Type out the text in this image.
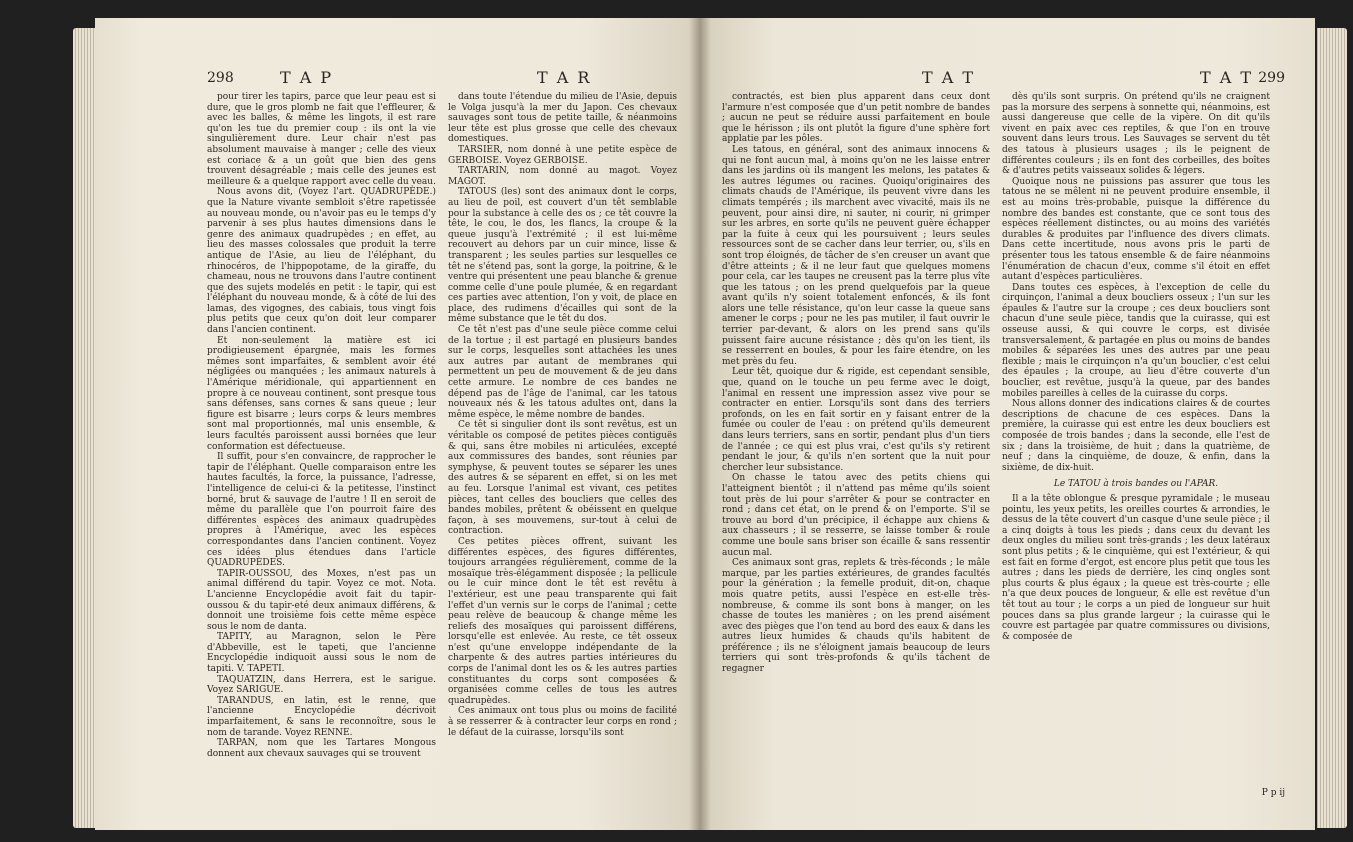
298	T A P	T A R

pour tirer les tapirs, parce que leur peau est si dure, que le gros plomb ne fait que l'effleurer, & avec les balles, & même les lingots, il est rare qu'on les tue du premier coup : ils ont la vie singulièrement dure. Leur chair n'est pas absolument mauvaise à manger ; celle des vieux est coriace & a un goût que bien des gens trouvent désagréable ; mais celle des jeunes est meilleure & a quelque rapport avec celle du veau.

Nous avons dit, (Voyez l'art. QUADRUPÈDE.) que la Nature vivante sembloit s'être rapetissée au nouveau monde, ou n'avoir pas eu le temps d'y parvenir à ses plus hautes dimensions dans le genre des animaux quadrupèdes ; en effet, au lieu des masses colossales que produit la terre antique de l'Asie, au lieu de l'éléphant, du rhinocéros, de l'hippopotame, de la giraffe, du chameau, nous ne trouvons dans l'autre continent que des sujets modelés en petit : le tapir, qui est l'éléphant du nouveau monde, & à côté de lui des lamas, des vigognes, des cabiais, tous vingt fois plus petits que ceux qu'on doit leur comparer dans l'ancien continent.

Et non-seulement la matière est ici prodigieusement épargnée, mais les formes mêmes sont imparfaites, & semblent avoir été négligées ou manquées ; les animaux naturels à l'Amérique méridionale, qui appartiennent en propre à ce nouveau continent, sont presque tous sans défenses, sans cornes & sans queue ; leur figure est bisarre ; leurs corps & leurs membres sont mal proportionnés, mal unis ensemble, & leurs facultés paroissent aussi bornées que leur conformation est défectueuse.

Il suffit, pour s'en convaincre, de rapprocher le tapir de l'éléphant. Quelle comparaison entre les hautes facultés, la force, la puissance, l'adresse, l'intelligence de celui-ci & la petitesse, l'instinct borné, brut & sauvage de l'autre ! Il en seroit de même du parallèle que l'on pourroit faire des différentes espèces des animaux quadrupèdes propres à l'Amérique, avec les espèces correspondantes dans l'ancien continent. Voyez ces idées plus étendues dans l'article QUADRUPÈDES.

TAPIR-OUSSOU, des Moxes, n'est pas un animal différend du tapir. Voyez ce mot. Nota. L'ancienne Encyclopédie avoit fait du tapir-oussou & du tapir-eté deux animaux différens, & donnoit une troisième fois cette même espèce sous le nom de danta.

TAPITY, au Maragnon, selon le Père d'Abbeville, est le tapeti, que l'ancienne Encyclopédie indiquoit aussi sous le nom de tapiti. V. TAPETI.

TAQUATZIN, dans Herrera, est le sarigue. Voyez SARIGUE.

TARANDUS, en latin, est le renne, que l'ancienne Encyclopédie décrivoit imparfaitement, & sans le reconnoître, sous le nom de tarande. Voyez RENNE.

TARPAN, nom que les Tartares Mongous donnent aux chevaux sauvages qui se trouvent

dans toute l'étendue du milieu de l'Asie, depuis le Volga jusqu'à la mer du Japon. Ces chevaux sauvages sont tous de petite taille, & néanmoins leur tête est plus grosse que celle des chevaux domestiques.

TARSIER, nom donné à une petite espèce de GERBOISE. Voyez GERBOISE.

TARTARIN, nom donné au magot. Voyez MAGOT.

TATOUS (les) sont des animaux dont le corps, au lieu de poil, est couvert d'un têt semblable pour la substance à celle des os ; ce têt couvre la tête, le cou, le dos, les flancs, la croupe & la queue jusqu'à l'extrémité ; il est lui-même recouvert au dehors par un cuir mince, lisse & transparent ; les seules parties sur lesquelles ce têt ne s'étend pas, sont la gorge, la poitrine, & le ventre qui présentent une peau blanche & grenue comme celle d'une poule plumée, & en regardant ces parties avec attention, l'on y voit, de place en place, des rudimens d'écailles qui sont de la même substance que le têt du dos.

Ce têt n'est pas d'une seule pièce comme celui de la tortue ; il est partagé en plusieurs bandes sur le corps, lesquelles sont attachées les unes aux autres par autant de membranes qui permettent un peu de mouvement & de jeu dans cette armure. Le nombre de ces bandes ne dépend pas de l'âge de l'animal, car les tatous nouveaux nés & les tatous adultes ont, dans la même espèce, le même nombre de bandes.

Ce têt si singulier dont ils sont revêtus, est un véritable os composé de petites pièces contiguës & qui, sans être mobiles ni articulées, excepté aux commissures des bandes, sont réunies par symphyse, & peuvent toutes se séparer les unes des autres & se séparent en effet, si on les met au feu. Lorsque l'animal est vivant, ces petites pièces, tant celles des boucliers que celles des bandes mobiles, prêtent & obéissent en quelque façon, à ses mouvemens, sur-tout à celui de contraction.

Ces petites pièces offrent, suivant les différentes espèces, des figures différentes, toujours arrangées régulièrement, comme de la mosaïque très-élégamment disposée ; la pellicule ou le cuir mince dont le têt est revêtu à l'extérieur, est une peau transparente qui fait l'effet d'un vernis sur le corps de l'animal ; cette peau relève de beaucoup & change même les reliefs des mosaïques qui paroissent différens, lorsqu'elle est enlevée. Au reste, ce têt osseux n'est qu'une enveloppe indépendante de la charpente & des autres parties intérieures du corps de l'animal dont les os & les autres parties constituantes du corps sont composées & organisées comme celles de tous les autres quadrupèdes.

Ces animaux ont tous plus ou moins de facilité à se resserrer & à contracter leur corps en rond ; le défaut de la cuirasse, lorsqu'ils sont

T A T	T A T 299

contractés, est bien plus apparent dans ceux dont l'armure n'est composée que d'un petit nombre de bandes ; aucun ne peut se réduire aussi parfaitement en boule que le hérisson ; ils ont plutôt la figure d'une sphère fort applatie par les pôles.

Les tatous, en général, sont des animaux innocens & qui ne font aucun mal, à moins qu'on ne les laisse entrer dans les jardins où ils mangent les melons, les patates & les autres légumes ou racines. Quoiqu'originaires des climats chauds de l'Amérique, ils peuvent vivre dans les climats tempérés ; ils marchent avec vivacité, mais ils ne peuvent, pour ainsi dire, ni sauter, ni courir, ni grimper sur les arbres, en sorte qu'ils ne peuvent guère échapper par la fuite à ceux qui les poursuivent ; leurs seules ressources sont de se cacher dans leur terrier, ou, s'ils en sont trop éloignés, de tâcher de s'en creuser un avant que d'être atteints ; & il ne leur faut que quelques momens pour cela, car les taupes ne creusent pas la terre plus vîte que les tatous ; on les prend quelquefois par la queue avant qu'ils n'y soient totalement enfoncés, & ils font alors une telle résistance, qu'on leur casse la queue sans amener le corps ; pour ne les pas mutiler, il faut ouvrir le terrier par-devant, & alors on les prend sans qu'ils puissent faire aucune résistance ; dès qu'on les tient, ils se resserrent en boules, & pour les faire étendre, on les met près du feu.

Leur têt, quoique dur & rigide, est cependant sensible, que, quand on le touche un peu ferme avec le doigt, l'animal en ressent une impression assez vive pour se contracter en entier. Lorsqu'ils sont dans des terriers profonds, on les en fait sortir en y faisant entrer de la fumée ou couler de l'eau : on prétend qu'ils demeurent dans leurs terriers, sans en sortir, pendant plus d'un tiers de l'année ; ce qui est plus vrai, c'est qu'ils s'y retirent pendant le jour, & qu'ils n'en sortent que la nuit pour chercher leur subsistance.

On chasse le tatou avec des petits chiens qui l'atteignent bientôt ; il n'attend pas même qu'ils soient tout près de lui pour s'arrêter & pour se contracter en rond ; dans cet état, on le prend & on l'emporte. S'il se trouve au bord d'un précipice, il échappe aux chiens & aux chasseurs ; il se resserre, se laisse tomber & roule comme une boule sans briser son écaille & sans ressentir aucun mal.

Ces animaux sont gras, replets & très-féconds ; le mâle marque, par les parties extérieures, de grandes facultés pour la génération ; la femelle produit, dit-on, chaque mois quatre petits, aussi l'espèce en est-elle très-nombreuse, & comme ils sont bons à manger, on les chasse de toutes les manières ; on les prend aisément avec des pièges que l'on tend au bord des eaux & dans les autres lieux humides & chauds qu'ils habitent de préférence ; ils ne s'éloignent jamais beaucoup de leurs terriers qui sont très-profonds & qu'ils tâchent de regagner

dès qu'ils sont surpris. On prétend qu'ils ne craignent pas la morsure des serpens à sonnette qui, néanmoins, est aussi dangereuse que celle de la vipère. On dit qu'ils vivent en paix avec ces reptiles, & que l'on en trouve souvent dans leurs trous. Les Sauvages se servent du têt des tatous à plusieurs usages ; ils le peignent de différentes couleurs ; ils en font des corbeilles, des boîtes & d'autres petits vaisseaux solides & légers.

Quoique nous ne puissions pas assurer que tous les tatous ne se mêlent ni ne peuvent produire ensemble, il est au moins très-probable, puisque la différence du nombre des bandes est constante, que ce sont tous des espèces réellement distinctes, ou au moins des variétés durables & produites par l'influence des divers climats. Dans cette incertitude, nous avons pris le parti de présenter tous les tatous ensemble & de faire néanmoins l'énumération de chacun d'eux, comme s'il étoit en effet autant d'espèces particulières.

Dans toutes ces espèces, à l'exception de celle du cirquinçon, l'animal a deux boucliers osseux ; l'un sur les épaules & l'autre sur la croupe ; ces deux boucliers sont chacun d'une seule pièce, tandis que la cuirasse, qui est osseuse aussi, & qui couvre le corps, est divisée transversalement, & partagée en plus ou moins de bandes mobiles & séparées les unes des autres par une peau flexible ; mais le cirquinçon n'a qu'un bouclier, c'est celui des épaules ; la croupe, au lieu d'être couverte d'un bouclier, est revêtue, jusqu'à la queue, par des bandes mobiles pareilles à celles de la cuirasse du corps.

Nous allons donner des indications claires & de courtes descriptions de chacune de ces espèces. Dans la première, la cuirasse qui est entre les deux boucliers est composée de trois bandes ; dans la seconde, elle l'est de six ; dans la troisième, de huit ; dans la quatrième, de neuf ; dans la cinquième, de douze, & enfin, dans la sixième, de dix-huit.

Le TATOU à trois bandes ou l'APAR.

Il a la tête oblongue & presque pyramidale ; le museau pointu, les yeux petits, les oreilles courtes & arrondies, le dessus de la tête couvert d'un casque d'une seule pièce ; il a cinq doigts à tous les pieds ; dans ceux du devant les deux ongles du milieu sont très-grands ; les deux latéraux sont plus petits ; & le cinquième, qui est l'extérieur, & qui est fait en forme d'ergot, est encore plus petit que tous les autres ; dans les pieds de derrière, les cinq ongles sont plus courts & plus égaux ; la queue est très-courte ; elle n'a que deux pouces de longueur, & elle est revêtue d'un têt tout au tour ; le corps a un pied de longueur sur huit pouces dans sa plus grande largeur ; la cuirasse qui le couvre est partagée par quatre commissures ou divisions, & composée de

P p ij
